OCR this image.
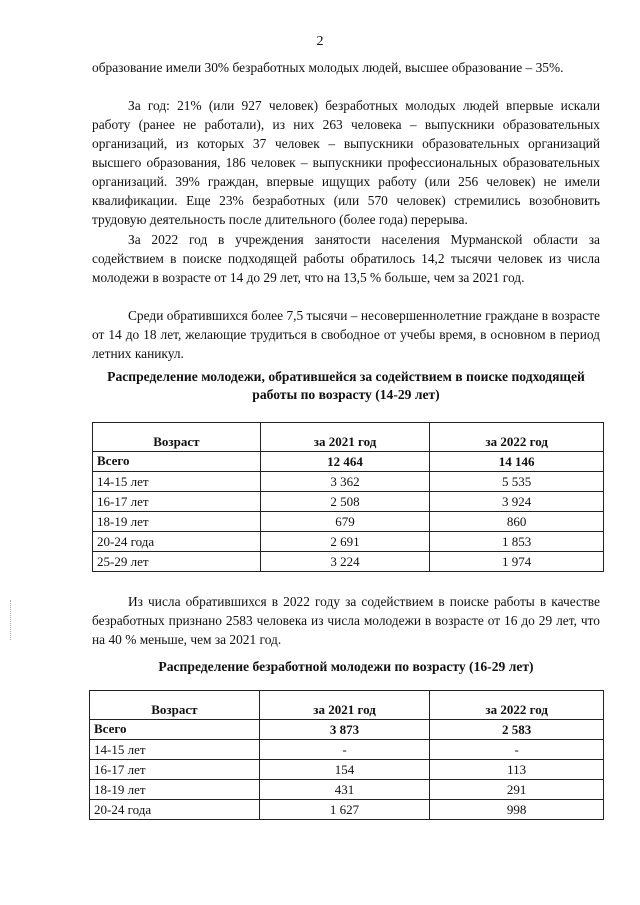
2

образование имели 30% безработных молодых людей, высшее образование – 35%.

За год: 21% (или 927 человек) безработных молодых людей впервые искали работу (ранее не работали), из них 263 человека – выпускники образовательных организаций, из которых 37 человек – выпускники образовательных организаций высшего образования, 186 человек – выпускники профессиональных образовательных организаций. 39% граждан, впервые ищущих работу (или 256 человек) не имели квалификации. Еще 23% безработных (или 570 человек) стремились возобновить трудовую деятельность после длительного (более года) перерыва.

За 2022 год в учреждения занятости населения Мурманской области за содействием в поиске подходящей работы обратилось 14,2 тысячи человек из числа молодежи в возрасте от 14 до 29 лет, что на 13,5 % больше, чем за 2021 год.

Среди обратившихся более 7,5 тысячи – несовершеннолетние граждане в возрасте от 14 до 18 лет, желающие трудиться в свободное от учебы время, в основном в период летних каникул.

Распределение молодежи, обратившейся за содействием в поиске подходящей работы по возрасту (14-29 лет)

Возраст	за 2021 год	за 2022 год
Всего	12 464	14 146
14-15 лет	3 362	5 535
16-17 лет	2 508	3 924
18-19 лет	679	860
20-24 года	2 691	1 853
25-29 лет	3 224	1 974

Из числа обратившихся в 2022 году за содействием в поиске работы в качестве безработных признано 2583 человека из числа молодежи в возрасте от 16 до 29 лет, что на 40 % меньше, чем за 2021 год.

Распределение безработной молодежи по возрасту (16-29 лет)

Возраст	за 2021 год	за 2022 год
Всего	3 873	2 583
14-15 лет	-	-
16-17 лет	154	113
18-19 лет	431	291
20-24 года	1 627	998
